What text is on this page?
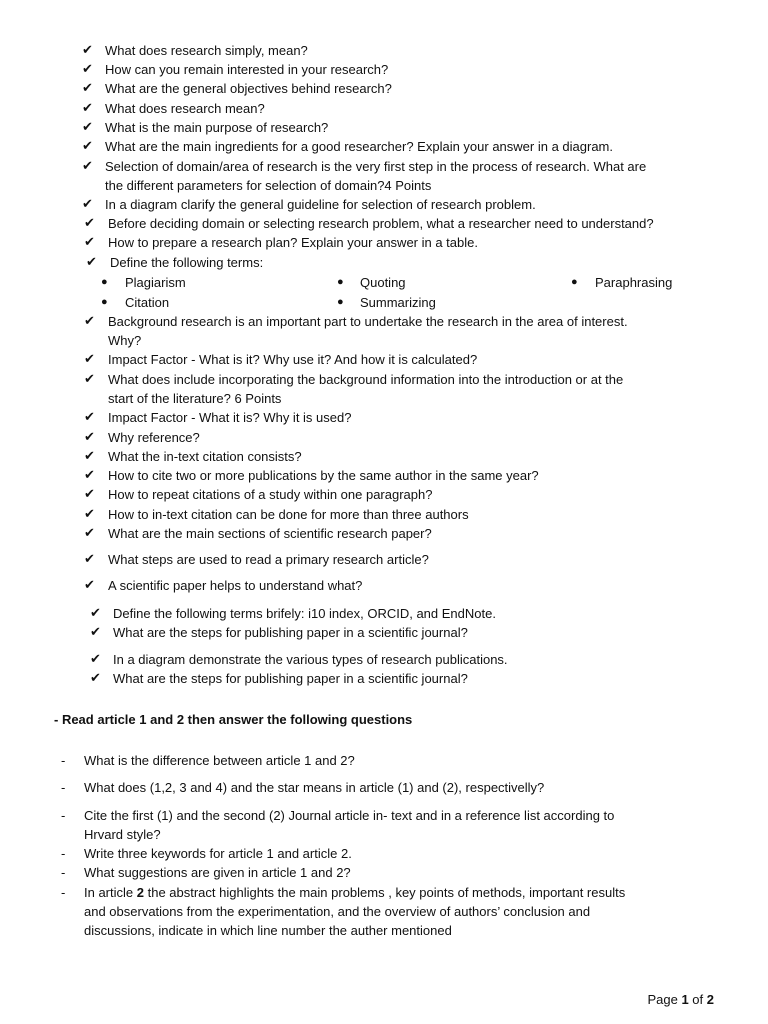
✔ What does research simply, mean?
✔ How can you remain interested in your research?
✔ What are the general objectives behind research?
✔ What does research mean?
✔ What is the main purpose of research?
✔ What are the main ingredients for a good researcher? Explain your answer in a diagram.
✔ Selection of domain/area of research is the very first step in the process of research. What are
the different parameters for selection of domain?4 Points
✔ In a diagram clarify the general guideline for selection of research problem.
✔ Before deciding domain or selecting research problem, what a researcher need to understand?
✔ How to prepare a research plan? Explain your answer in a table.
✔ Define the following terms:
● Plagiarism	● Quoting	● Paraphrasing
● Citation	● Summarizing
✔ Background research is an important part to undertake the research in the area of interest.
Why?
✔ Impact Factor - What is it? Why use it? And how it is calculated?
✔ What does include incorporating the background information into the introduction or at the
start of the literature? 6 Points
✔ Impact Factor - What it is? Why it is used?
✔ Why reference?
✔ What the in-text citation consists?
✔ How to cite two or more publications by the same author in the same year?
✔ How to repeat citations of a study within one paragraph?
✔ How to in-text citation can be done for more than three authors
✔ What are the main sections of scientific research paper?
✔ What steps are used to read a primary research article?
✔ A scientific paper helps to understand what?
✔ Define the following terms brifely: i10 index, ORCID, and EndNote.
✔ What are the steps for publishing paper in a scientific journal?
✔ In a diagram demonstrate the various types of research publications.
✔ What are the steps for publishing paper in a scientific journal?
- Read article 1 and 2 then answer the following questions
- What is the difference between article 1 and 2?
- What does (1,2, 3 and 4) and the star means in article (1) and (2), respectivelly?
- Cite the first (1) and the second (2) Journal article in- text and in a reference list according to
Hrvard style?
- Write three keywords for article 1 and article 2.
- What suggestions are given in article 1 and 2?
- In article 2 the abstract highlights the main problems , key points of methods, important results
and observations from the experimentation, and the overview of authors’ conclusion and
discussions, indicate in which line number the auther mentioned
Page 1 of 2
